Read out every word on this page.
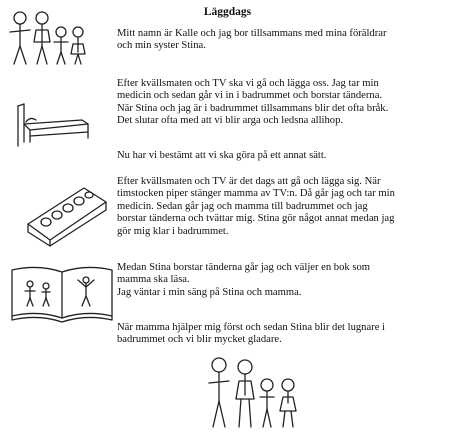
Läggdags
Mitt namn är Kalle och jag bor tillsammans med mina föräldrar
och min syster Stina.
Efter kvällsmaten och TV ska vi gå och lägga oss. Jag tar min
medicin och sedan går vi in i badrummet och borstar tänderna.
När Stina och jag är i badrummet tillsammans blir det ofta bråk.
Det slutar ofta med att vi blir arga och ledsna allihop.
Nu har vi bestämt att vi ska göra på ett annat sätt.
Efter kvällsmaten och TV är det dags att gå och lägga sig. När
timstocken piper stänger mamma av TV:n. Då går jag och tar min
medicin. Sedan går jag och mamma till badrummet och jag
borstar tänderna och tvättar mig. Stina gör något annat medan jag
gör mig klar i badrummet.
Medan Stina borstar tänderna går jag och väljer en bok som
mamma ska läsa.
Jag väntar i min säng på Stina och mamma.
När mamma hjälper mig först och sedan Stina blir det lugnare i
badrummet och vi blir mycket gladare.
